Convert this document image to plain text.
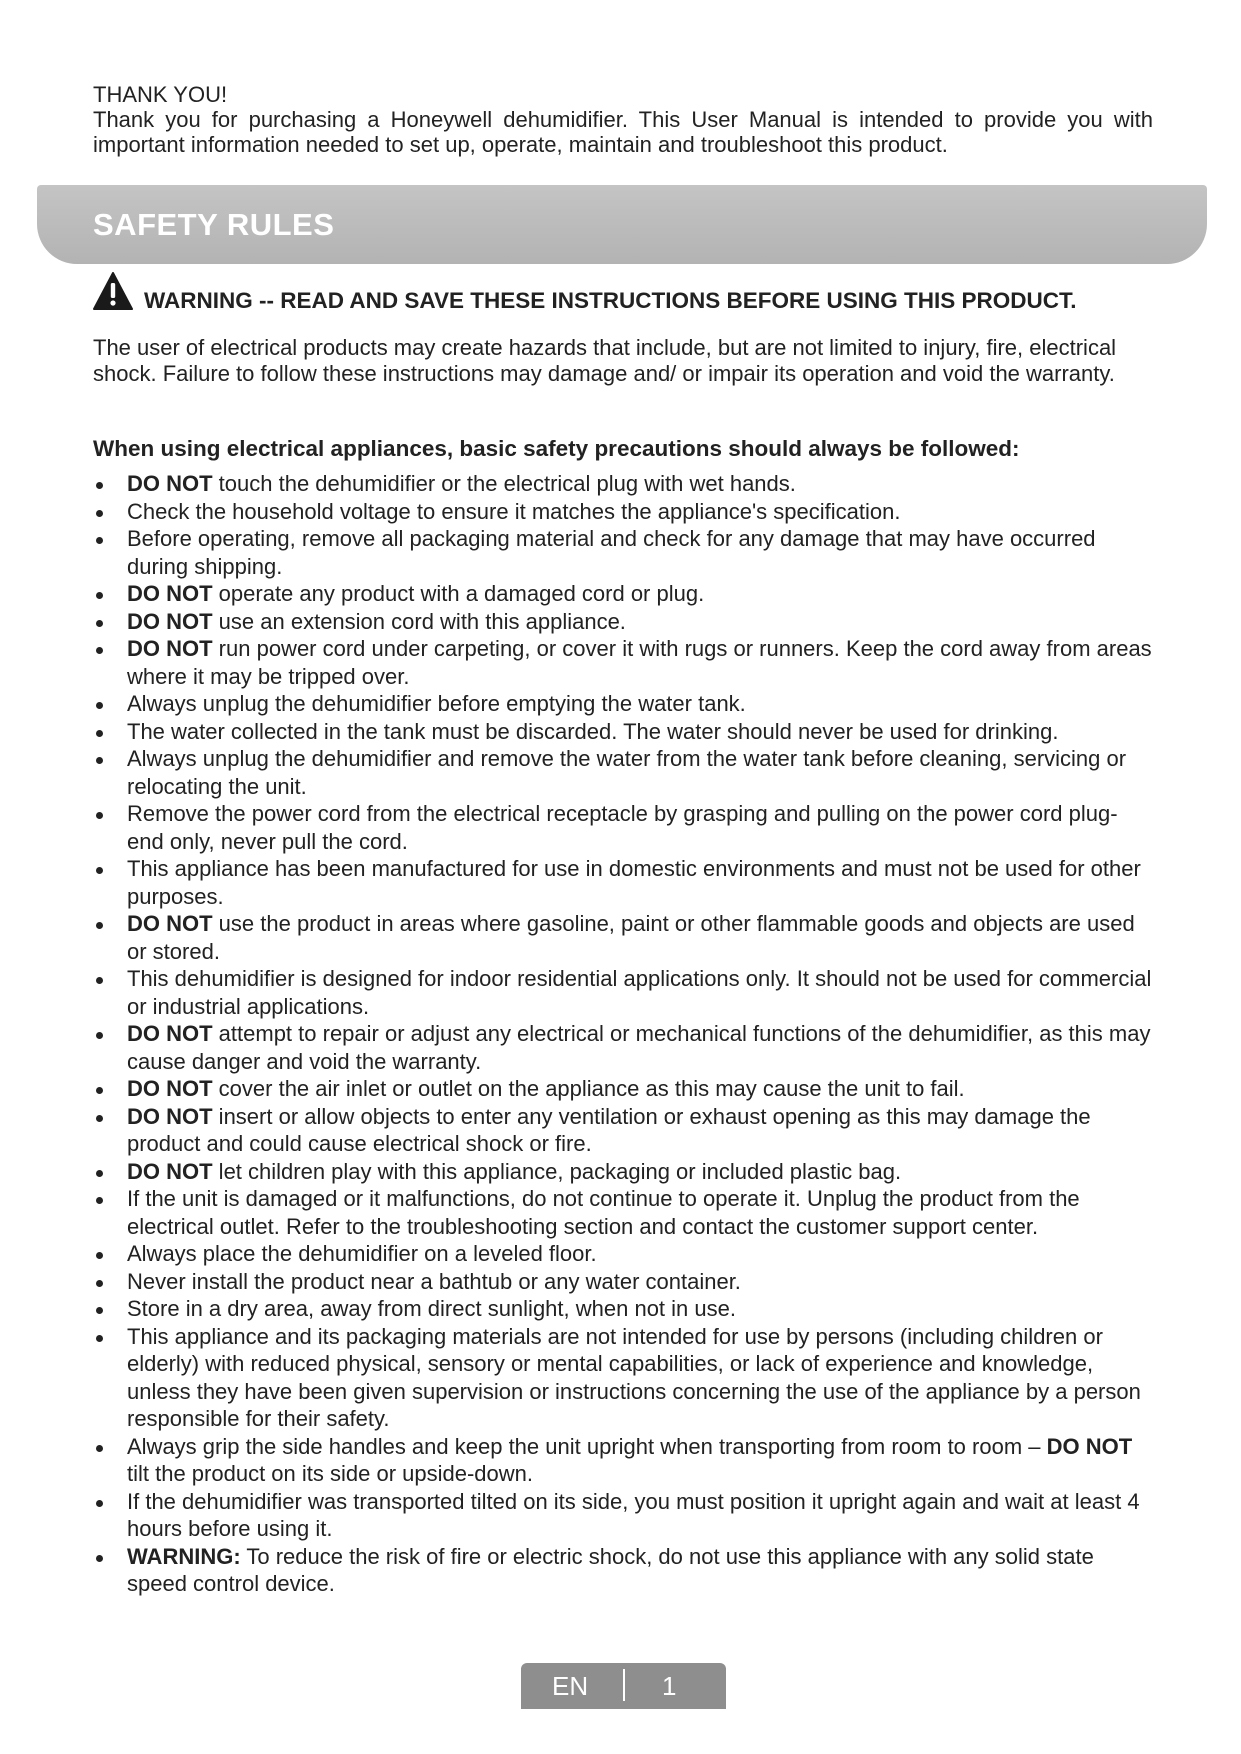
THANK YOU!

Thank you for purchasing a Honeywell dehumidifier. This User Manual is intended to provide you with important information needed to set up, operate, maintain and troubleshoot this product.

SAFETY RULES
WARNING -- READ AND SAVE THESE INSTRUCTIONS BEFORE USING THIS PRODUCT.

The user of electrical products may create hazards that include, but are not limited to injury, fire, electrical shock. Failure to follow these instructions may damage and/ or impair its operation and void the warranty.

When using electrical appliances, basic safety precautions should always be followed:
DO NOT touch the dehumidifier or the electrical plug with wet hands.
Check the household voltage to ensure it matches the appliance's specification.
Before operating, remove all packaging material and check for any damage that may have occurred during shipping.
DO NOT operate any product with a damaged cord or plug.
DO NOT use an extension cord with this appliance.
DO NOT run power cord under carpeting, or cover it with rugs or runners. Keep the cord away from areas where it may be tripped over.
Always unplug the dehumidifier before emptying the water tank.
The water collected in the tank must be discarded. The water should never be used for drinking.
Always unplug the dehumidifier and remove the water from the water tank before cleaning, servicing or relocating the unit.
Remove the power cord from the electrical receptacle by grasping and pulling on the power cord plug-end only, never pull the cord.
This appliance has been manufactured for use in domestic environments and must not be used for other purposes.
DO NOT use the product in areas where gasoline, paint or other flammable goods and objects are used or stored.
This dehumidifier is designed for indoor residential applications only. It should not be used for commercial or industrial applications.
DO NOT attempt to repair or adjust any electrical or mechanical functions of the dehumidifier, as this may cause danger and void the warranty.
DO NOT cover the air inlet or outlet on the appliance as this may cause the unit to fail.
DO NOT insert or allow objects to enter any ventilation or exhaust opening as this may damage the product and could cause electrical shock or fire.
DO NOT let children play with this appliance, packaging or included plastic bag.
If the unit is damaged or it malfunctions, do not continue to operate it. Unplug the product from the electrical outlet. Refer to the troubleshooting section and contact the customer support center.
Always place the dehumidifier on a leveled floor.
Never install the product near a bathtub or any water container.
Store in a dry area, away from direct sunlight, when not in use.
This appliance and its packaging materials are not intended for use by persons (including children or elderly) with reduced physical, sensory or mental capabilities, or lack of experience and knowledge, unless they have been given supervision or instructions concerning the use of the appliance by a person responsible for their safety.
Always grip the side handles and keep the unit upright when transporting from room to room – DO NOT tilt the product on its side or upside-down.
If the dehumidifier was transported tilted on its side, you must position it upright again and wait at least 4 hours before using it.
WARNING: To reduce the risk of fire or electric shock, do not use this appliance with any solid state speed control device.
EN	1
